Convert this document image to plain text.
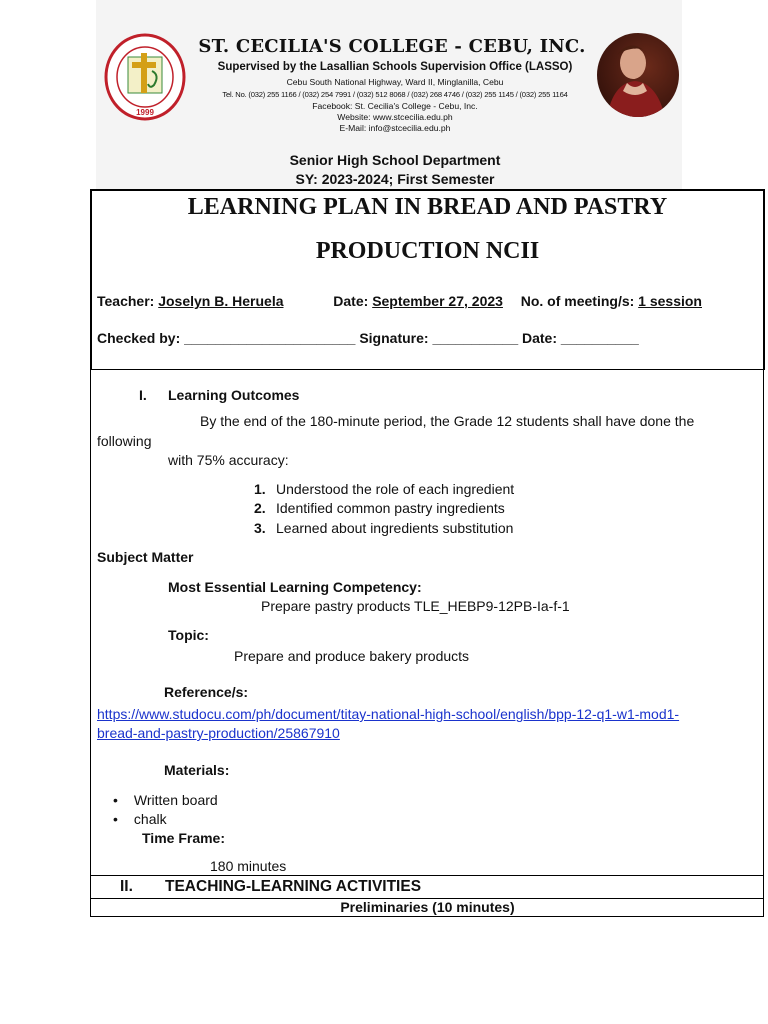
1999
ST. CECILIA'S COLLEGE - CEBU, INC.
Supervised by the Lasallian Schools Supervision Office (LASSO)
Cebu South National Highway, Ward II, Minglanilla, Cebu
Tel. No. (032) 255 1166 / (032) 254 7991 / (032) 512 8068 / (032) 268 4746 / (032) 255 1145 / (032) 255 1164
Facebook: St. Cecilia's College - Cebu, Inc.
Website: www.stcecilia.edu.ph
E-Mail: info@stcecilia.edu.ph
Senior High School Department
SY: 2023-2024; First Semester
LEARNING PLAN IN BREAD AND PASTRY
PRODUCTION NCII
Teacher: Joselyn B. Heruela	Date: September 27, 2023 No. of meeting/s: 1 session
Checked by: ______________________ Signature: ___________ Date: __________
I. Learning Outcomes
By the end of the 180-minute period, the Grade 12 students shall have done the
following
with 75% accuracy:
1. Understood the role of each ingredient
2. Identified common pastry ingredients
3. Learned about ingredients substitution
Subject Matter
Most Essential Learning Competency:
Prepare pastry products TLE_HEBP9-12PB-Ia-f-1
Topic:
Prepare and produce bakery products
Reference/s:
https://www.studocu.com/ph/document/titay-national-high-school/english/bpp-12-q1-w1-mod1-
bread-and-pastry-production/25867910
Materials:
• Written board
• chalk
Time Frame:
180 minutes
II. TEACHING-LEARNING ACTIVITIES
Preliminaries (10 minutes)
